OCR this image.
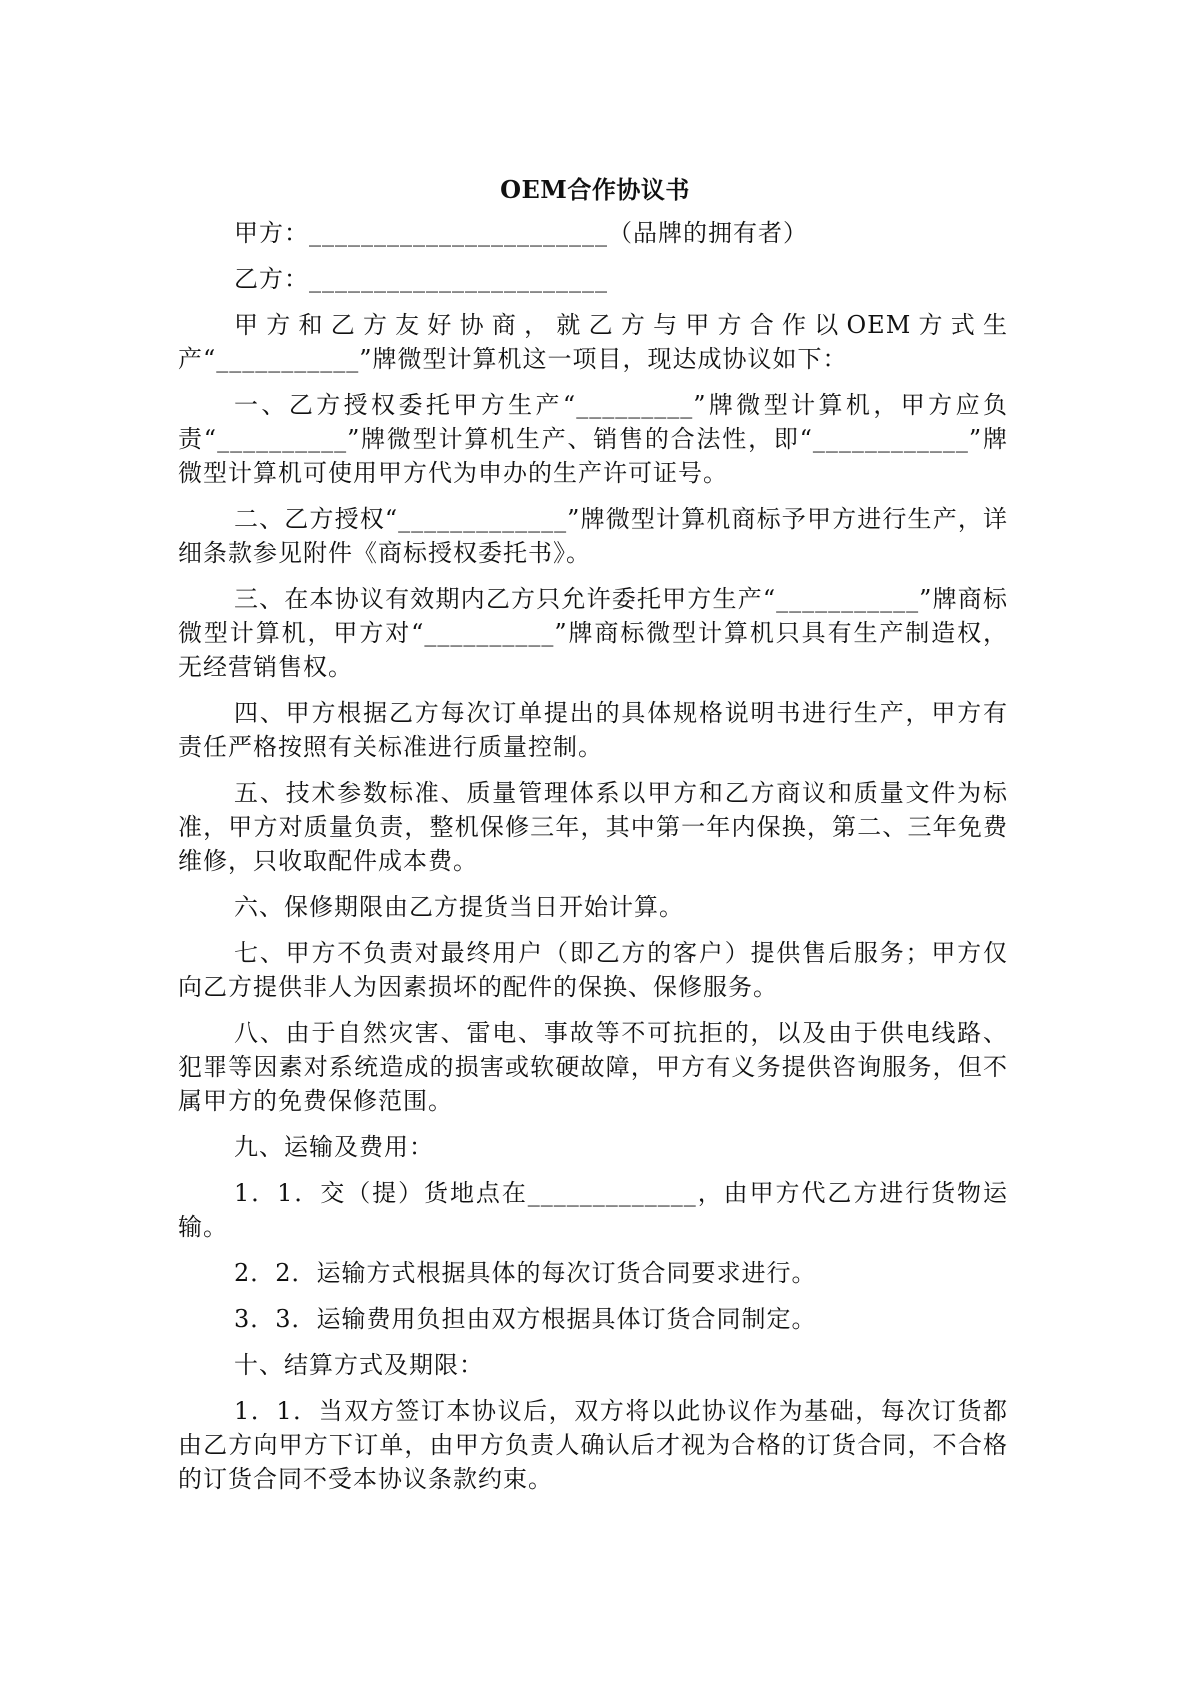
OEM合作协议书

甲方：_______________________（品牌的拥有者）

乙方：_______________________

甲方和乙方友好协商，就乙方与甲方合作以OEM方式生产“___________”牌微型计算机这一项目，现达成协议如下：

一、乙方授权委托甲方生产“_________”牌微型计算机，甲方应负责“__________”牌微型计算机生产、销售的合法性，即“____________”牌微型计算机可使用甲方代为申办的生产许可证号。

二、乙方授权“_____________”牌微型计算机商标予甲方进行生产，详细条款参见附件《商标授权委托书》。

三、在本协议有效期内乙方只允许委托甲方生产“___________”牌商标微型计算机，甲方对“__________”牌商标微型计算机只具有生产制造权，无经营销售权。

四、甲方根据乙方每次订单提出的具体规格说明书进行生产，甲方有责任严格按照有关标准进行质量控制。

五、技术参数标准、质量管理体系以甲方和乙方商议和质量文件为标准，甲方对质量负责，整机保修三年，其中第一年内保换，第二、三年免费维修，只收取配件成本费。

六、保修期限由乙方提货当日开始计算。

七、甲方不负责对最终用户（即乙方的客户）提供售后服务；甲方仅向乙方提供非人为因素损坏的配件的保换、保修服务。

八、由于自然灾害、雷电、事故等不可抗拒的，以及由于供电线路、犯罪等因素对系统造成的损害或软硬故障，甲方有义务提供咨询服务，但不属甲方的免费保修范围。

九、运输及费用：

1．1．交（提）货地点在_____________，由甲方代乙方进行货物运输。

2．2．运输方式根据具体的每次订货合同要求进行。

3．3．运输费用负担由双方根据具体订货合同制定。

十、结算方式及期限：

1．1．当双方签订本协议后，双方将以此协议作为基础，每次订货都由乙方向甲方下订单，由甲方负责人确认后才视为合格的订货合同，不合格的订货合同不受本协议条款约束。
